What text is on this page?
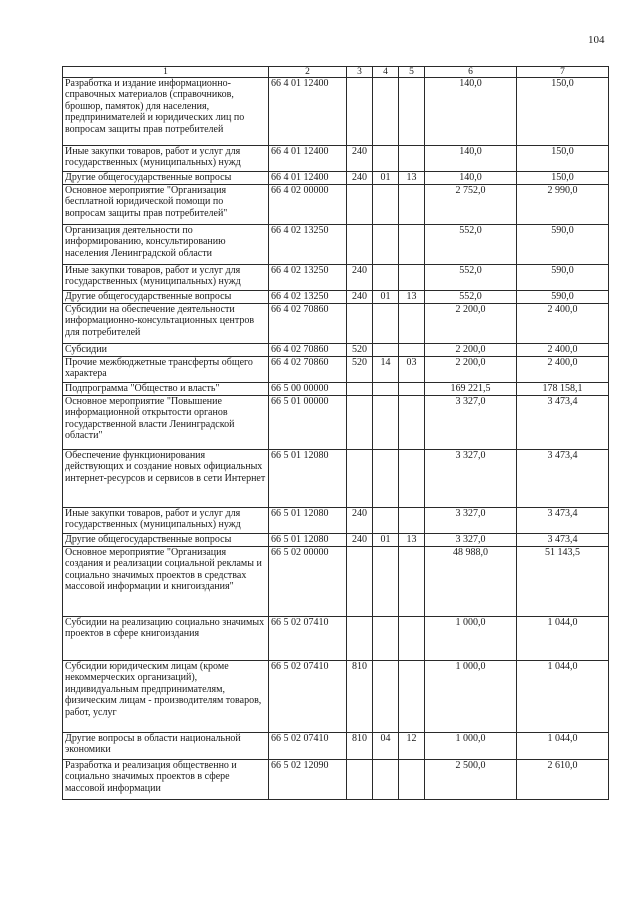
104
1	2	3	4	5	6	7
Разработка и издание информационно-справочных материалов (справочников, брошюр, памяток) для населения, предпринимателей и юридических лиц по вопросам защиты прав потребителей	66 4 01 12400				140,0	150,0
Иные закупки товаров, работ и услуг для государственных (муниципальных) нужд	66 4 01 12400	240			140,0	150,0
Другие общегосударственные вопросы	66 4 01 12400	240	01	13	140,0	150,0
Основное мероприятие "Организация бесплатной юридической помощи по вопросам защиты прав потребителей"	66 4 02 00000				2 752,0	2 990,0
Организация деятельности по информированию, консультированию населения Ленинградской области	66 4 02 13250				552,0	590,0
Иные закупки товаров, работ и услуг для государственных (муниципальных) нужд	66 4 02 13250	240			552,0	590,0
Другие общегосударственные вопросы	66 4 02 13250	240	01	13	552,0	590,0
Субсидии на обеспечение деятельности информационно-консультационных центров для потребителей	66 4 02 70860				2 200,0	2 400,0
Субсидии	66 4 02 70860	520			2 200,0	2 400,0
Прочие межбюджетные трансферты общего характера	66 4 02 70860	520	14	03	2 200,0	2 400,0
Подпрограмма "Общество и власть"	66 5 00 00000				169 221,5	178 158,1
Основное мероприятие "Повышение информационной открытости органов государственной власти Ленинградской области"	66 5 01 00000				3 327,0	3 473,4
Обеспечение функционирования действующих и создание новых официальных интернет-ресурсов и сервисов в сети Интернет	66 5 01 12080				3 327,0	3 473,4
Иные закупки товаров, работ и услуг для государственных (муниципальных) нужд	66 5 01 12080	240			3 327,0	3 473,4
Другие общегосударственные вопросы	66 5 01 12080	240	01	13	3 327,0	3 473,4
Основное мероприятие "Организация создания и реализации социальной рекламы и социально значимых проектов в средствах массовой информации и книгоиздания"	66 5 02 00000				48 988,0	51 143,5
Субсидии на реализацию социально значимых проектов в сфере книгоиздания	66 5 02 07410				1 000,0	1 044,0
Субсидии юридическим лицам (кроме некоммерческих организаций), индивидуальным предпринимателям, физическим лицам - производителям товаров, работ, услуг	66 5 02 07410	810			1 000,0	1 044,0
Другие вопросы в области национальной экономики	66 5 02 07410	810	04	12	1 000,0	1 044,0
Разработка и реализация общественно и социально значимых проектов в сфере массовой информации	66 5 02 12090				2 500,0	2 610,0
